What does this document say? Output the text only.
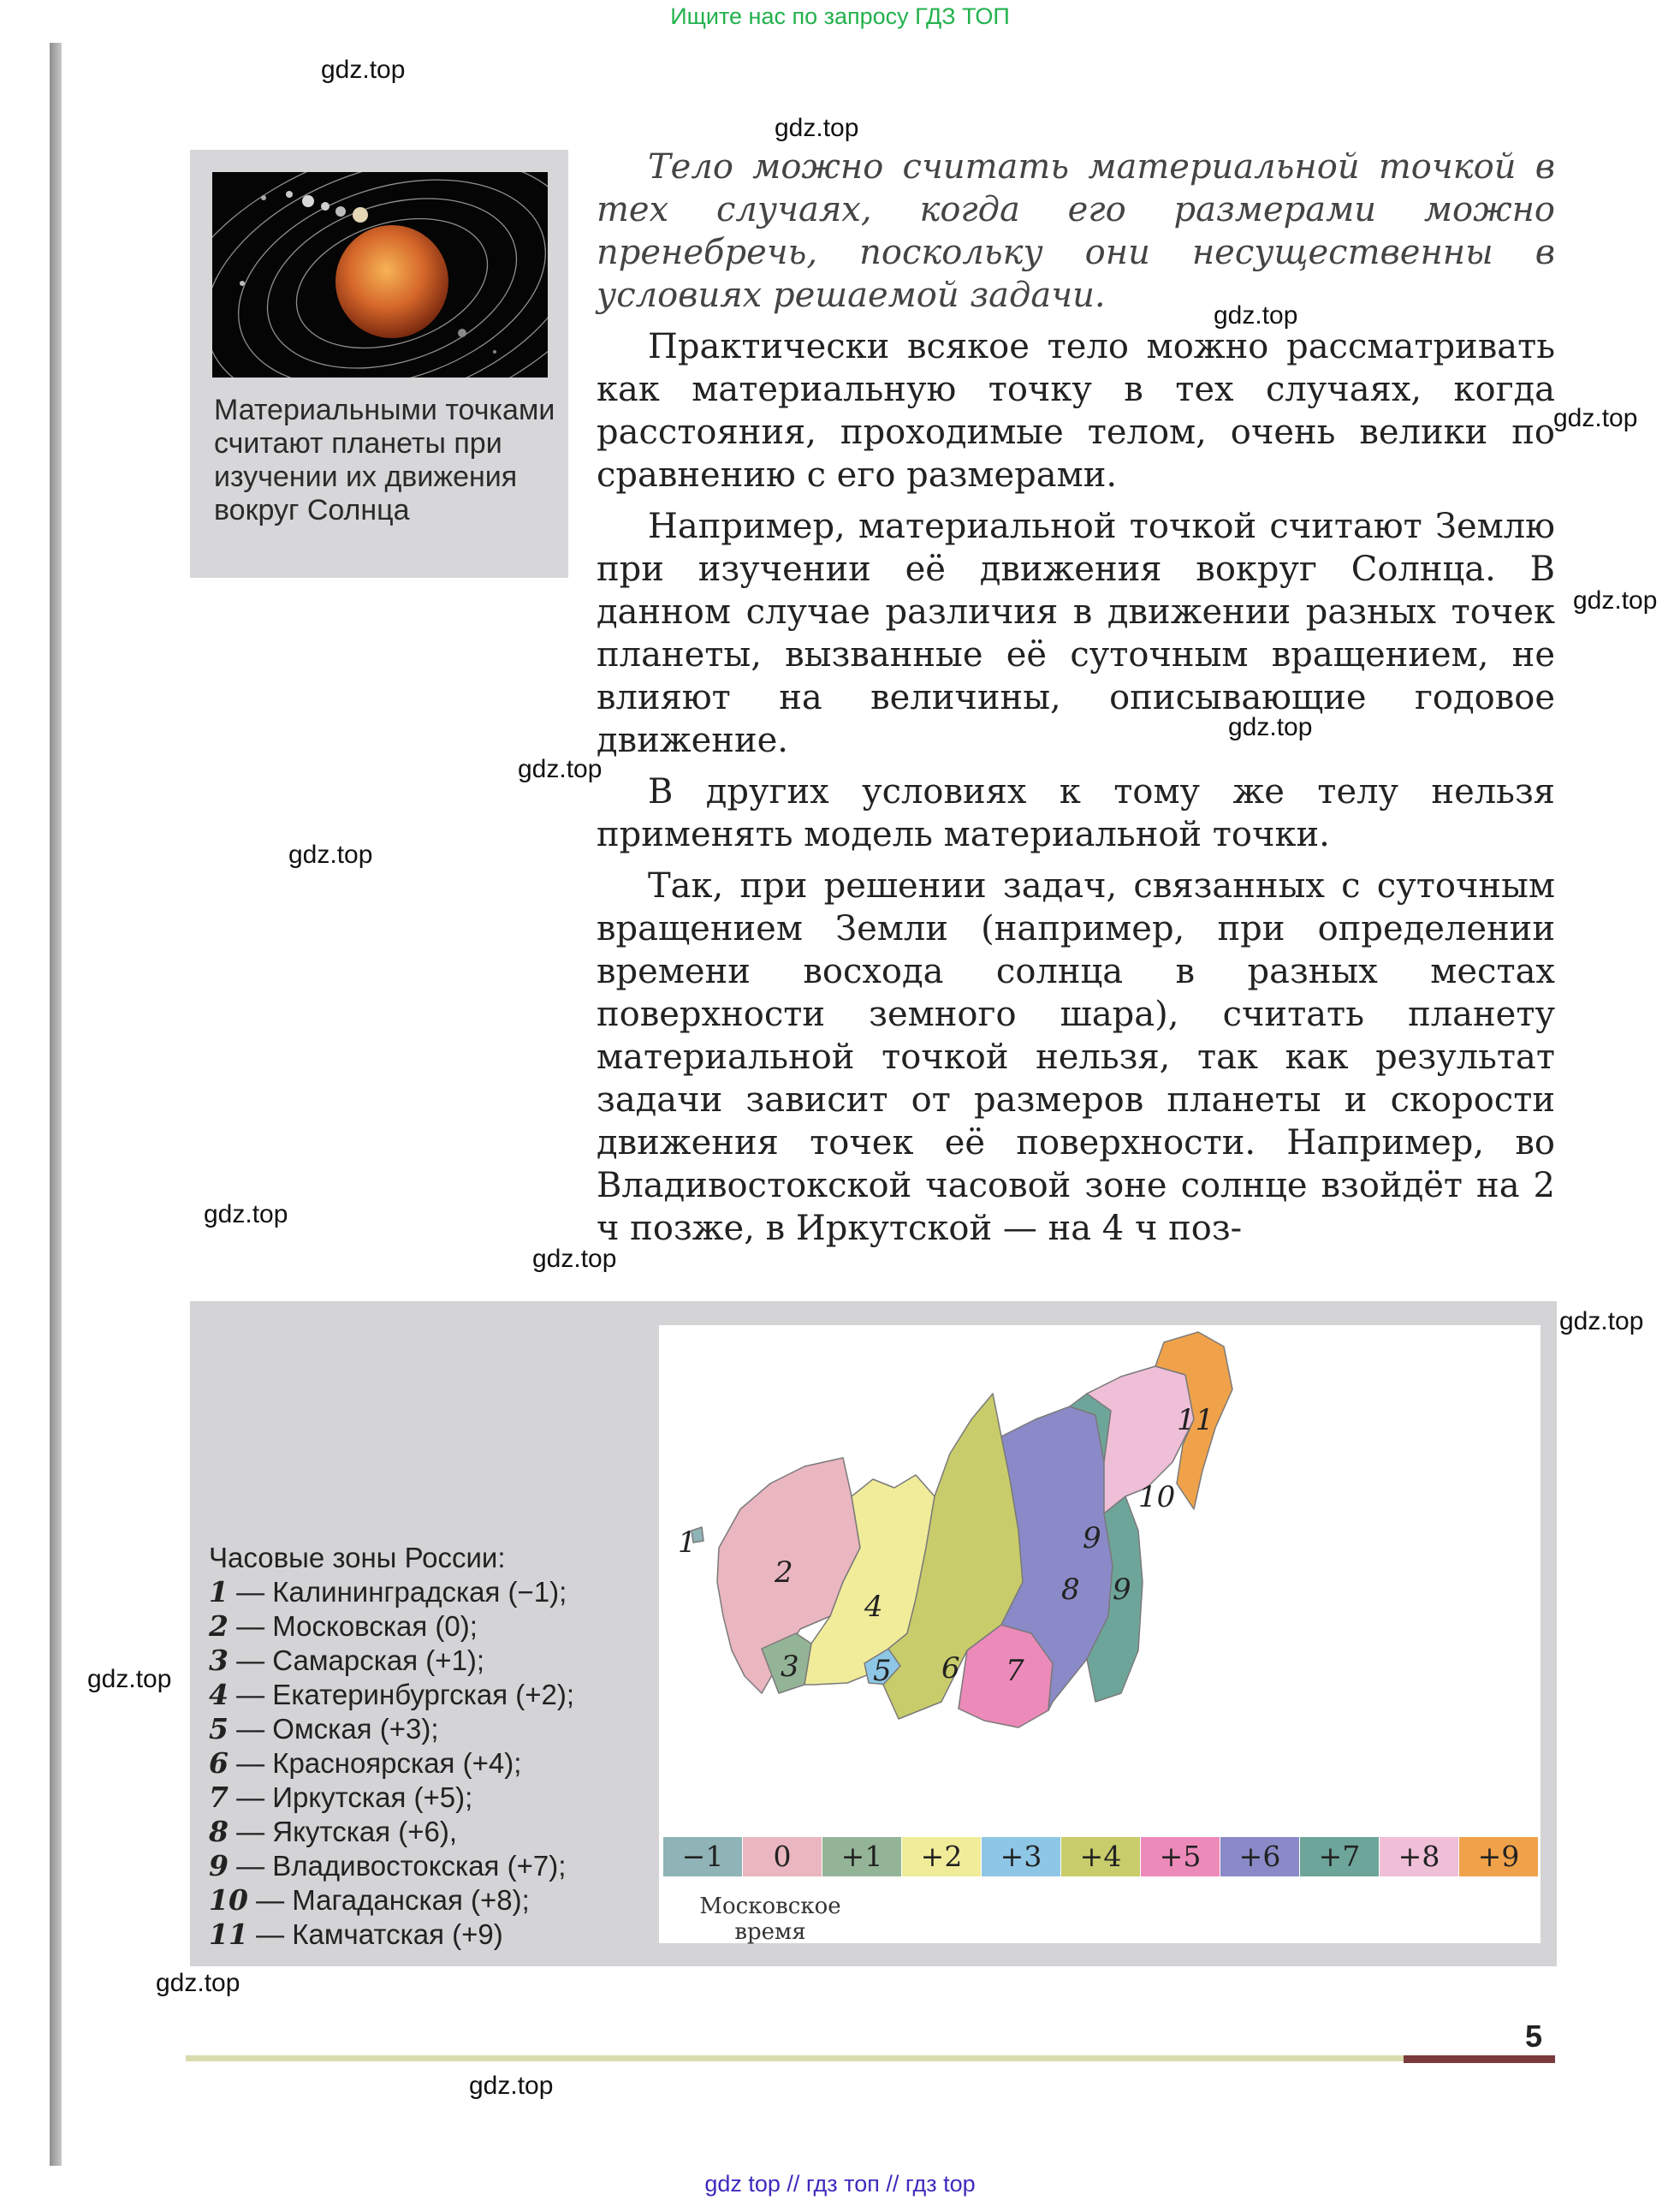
Ищите нас по запросу ГДЗ ТОП
gdz.top
gdz.top
gdz.top
gdz.top
gdz.top
gdz.top
gdz.top
gdz.top
gdz.top
gdz.top
gdz.top
gdz.top
gdz.top
gdz.top
Материальными точками считают планеты при изучении их движения вокруг Солнца

Тело можно считать материальной точкой в тех случаях, когда его размерами можно пренебречь, поскольку они несущественны в условиях решаемой задачи.

Практически всякое тело можно рассматривать как материальную точку в тех случаях, когда расстояния, проходимые телом, очень велики по сравнению с его размерами.

Например, материальной точкой считают Землю при изучении её движения вокруг Солнца. В данном случае различия в движении разных точек планеты, вызванные её суточным вращением, не влияют на величины, описывающие годовое движение.

В других условиях к тому же телу нельзя применять модель материальной точки.

Так, при решении задач, связанных с суточным вращением Земли (например, при определении времени восхода солнца в разных местах поверхности земного шара), считать планету материальной точкой нельзя, так как результат задачи зависит от размеров планеты и скорости движения точек её поверхности. Например, во Владивостокской часовой зоне солнце взойдёт на 2 ч позже, в Иркутской — на 4 ч поз-

Часовые зоны России:
1 — Калининградская (−1);
2 — Московская (0);
3 — Самарская (+1);
4 — Екатеринбургская (+2);
5 — Омская (+3);
6 — Красноярская (+4);
7 — Иркутская (+5);
8 — Якутская (+6),
9 — Владивостокская (+7);
10 — Магаданская (+8);
11 — Камчатская (+9)
1
2
3
4
5 6 7
8
9
9
10
11
−1	0	+1	+2	+3	+4	+5	+6	+7	+8	+9
Московское время
5
gdz top // гдз топ // гдз top
